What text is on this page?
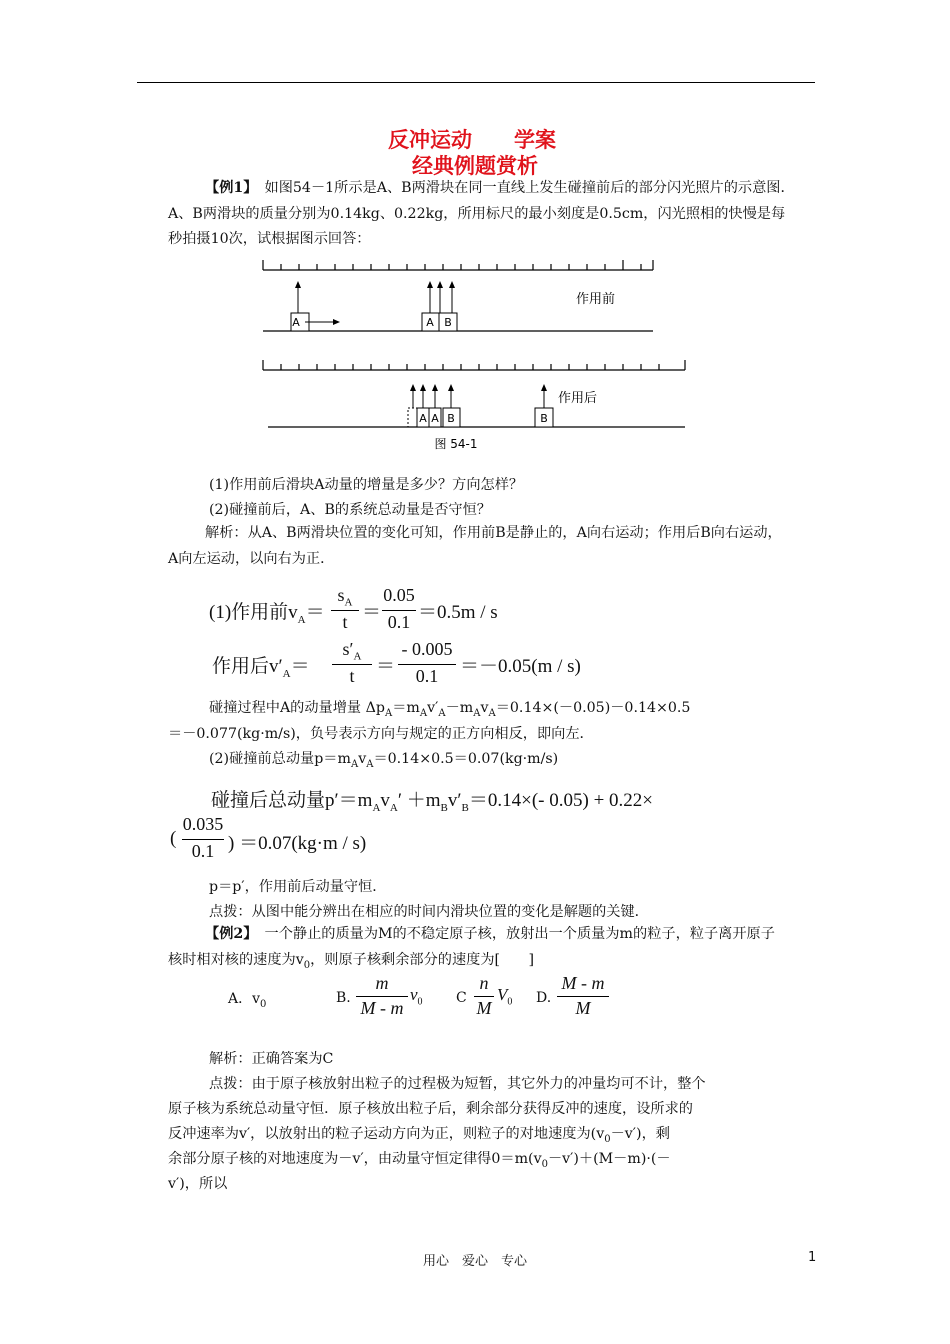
反冲运动　　学案
经典例题赏析
【例1】　如图54－1所示是A、B两滑块在同一直线上发生碰撞前后的部分闪光照片的示意图．　A、B两滑块的质量分别为0.14kg、0.22kg，所用标尺的最小刻度是0.5cm，闪光照相的快慢是每秒拍摄10次，试根据图示回答：
A	A B
作用前
A A B	B
作用后
图 54-1
(1)作用前后滑块A动量的增量是多少？方向怎样？
(2)碰撞前后，A、B的系统总动量是否守恒？
解析：从A、B两滑块位置的变化可知，作用前B是静止的，A向右运动；作用后B向右运动，A向左运动，以向右为正．
(1)作用前$v_A=$
$s_A$
t ＝
0.05
0.1 ＝0.5m / s
作用后$v'_A=$
$s'_A$
t	＝
- 0.005
0.1	＝－0.05(m / s)
碰撞过程中A的动量增量 $\Delta p_A=m_Av'_A-m_Av_A=0.14\times(-0.05)-0.14\times 0.5$
＝－0.077(kg·m/s)，负号表示方向与规定的正方向相反，即向左．
(2)碰撞前总动量$p=m_Av_A=0.14\times 0.5=0.07(kg\cdot m/s)$
碰撞后总动量$p'=m_Av_A' +m_Bv'_B=0.14\times(-$ 0.05) + 0.22×
(
0.035
0.1 ) ＝0.07(kg·m / s)
p＝p′，作用前后动量守恒．
点拨：从图中能分辨出在相应的时间内滑块位置的变化是解题的关键．
【例2】　一个静止的质量为M的不稳定原子核，放射出一个质量为m的粒子，粒子离开原子核时相对核的速度为$v_0$，则原子核剩余部分的速度为[　　]
A．$v_0$	B.
m
M - m
$v_0$ C
n
M
$V_0$ D.
M - m
M
解析：正确答案为C
点拨：由于原子核放射出粒子的过程极为短暂，其它外力的冲量均可不计，整个
原子核为系统总动量守恒．原子核放出粒子后，剩余部分获得反冲的速度，设所求的
反冲速率为v′，以放射出的粒子运动方向为正，则粒子的对地速度为$(v_0-v')$，剩
余部分原子核的对地速度为－v′，由动量守恒定律得$0=m(v_0-v')+(M-m)\cdot(-$
v′)，所以
用心　爱心　专心	1
